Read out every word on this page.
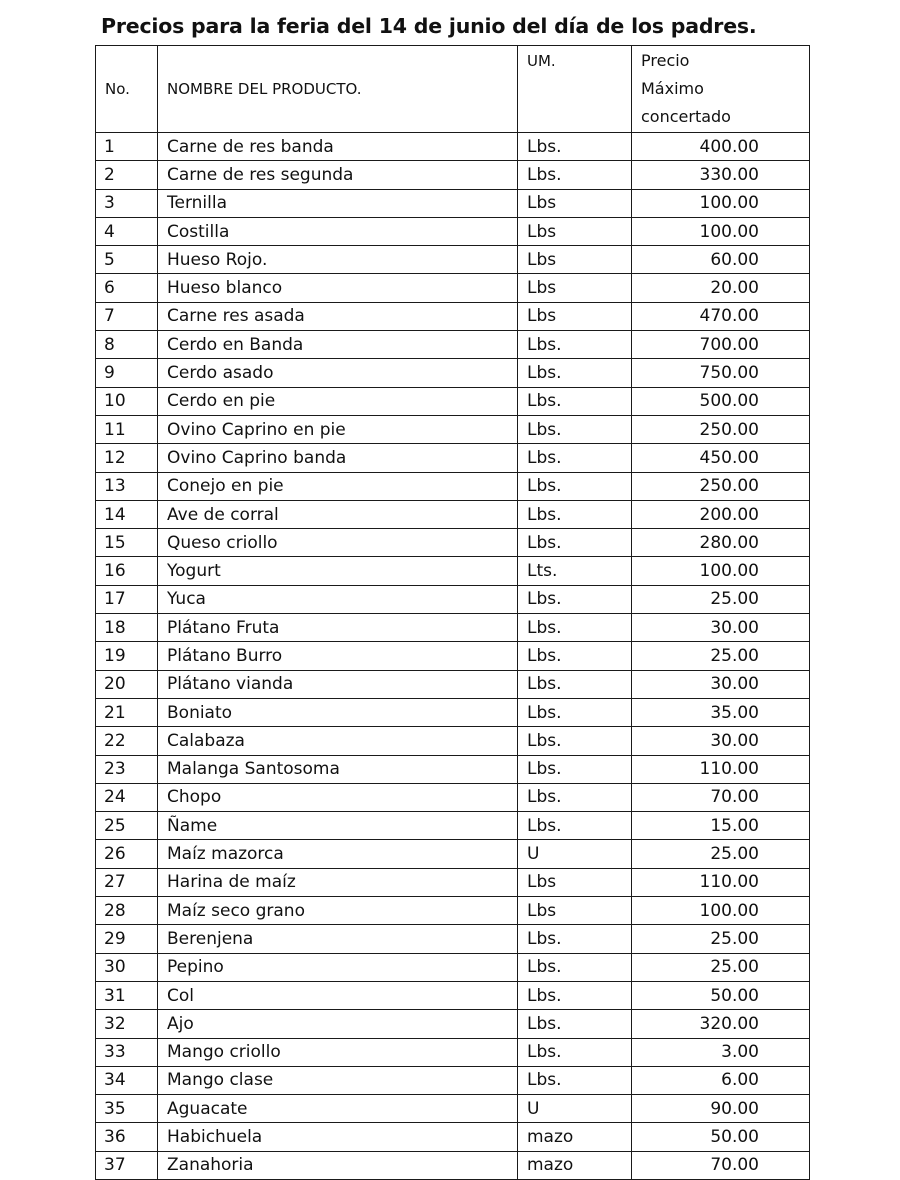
Precios para la feria del 14 de junio del día de los padres.
No.	NOMBRE DEL PRODUCTO.	UM.	Precio
Máximo
concertado
1	Carne de res banda	Lbs.	400.00
2	Carne de res segunda	Lbs.	330.00
3	Ternilla	Lbs	100.00
4	Costilla	Lbs	100.00
5	Hueso Rojo.	Lbs	60.00
6	Hueso blanco	Lbs	20.00
7	Carne res asada	Lbs	470.00
8	Cerdo en Banda	Lbs.	700.00
9	Cerdo asado	Lbs.	750.00
10	Cerdo en pie	Lbs.	500.00
11	Ovino Caprino en pie	Lbs.	250.00
12	Ovino Caprino banda	Lbs.	450.00
13	Conejo en pie	Lbs.	250.00
14	Ave de corral	Lbs.	200.00
15	Queso criollo	Lbs.	280.00
16	Yogurt	Lts.	100.00
17	Yuca	Lbs.	25.00
18	Plátano Fruta	Lbs.	30.00
19	Plátano Burro	Lbs.	25.00
20	Plátano vianda	Lbs.	30.00
21	Boniato	Lbs.	35.00
22	Calabaza	Lbs.	30.00
23	Malanga Santosoma	Lbs.	110.00
24	Chopo	Lbs.	70.00
25	Ñame	Lbs.	15.00
26	Maíz mazorca	U	25.00
27	Harina de maíz	Lbs	110.00
28	Maíz seco grano	Lbs	100.00
29	Berenjena	Lbs.	25.00
30	Pepino	Lbs.	25.00
31	Col	Lbs.	50.00
32	Ajo	Lbs.	320.00
33	Mango criollo	Lbs.	3.00
34	Mango clase	Lbs.	6.00
35	Aguacate	U	90.00
36	Habichuela	mazo	50.00
37	Zanahoria	mazo	70.00
